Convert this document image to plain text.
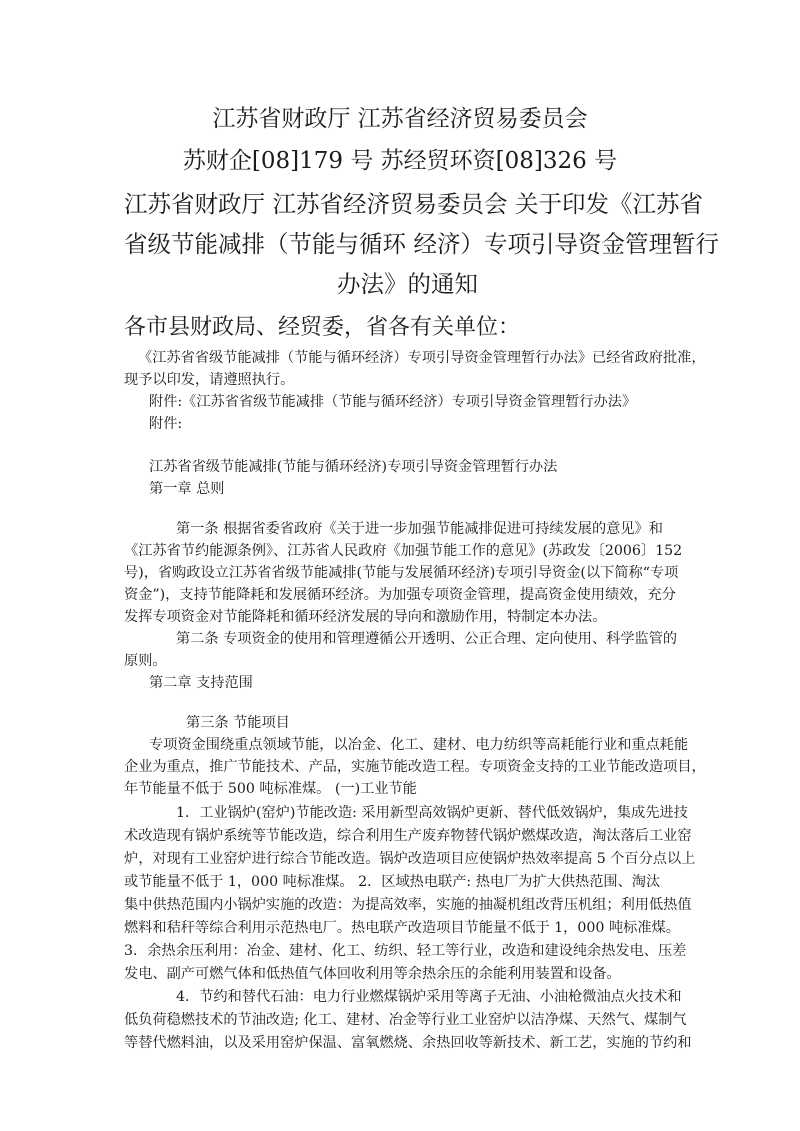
江苏省财政厅 江苏省经济贸易委员会

苏财企[08]179 号 苏经贸环资[08]326 号

江苏省财政厅 江苏省经济贸易委员会 关于印发《江苏省

省级节能减排（节能与循环 经济）专项引导资金管理暂行

办法》的通知

各市县财政局、经贸委，省各有关单位：

《江苏省省级节能减排（节能与循环经济）专项引导资金管理暂行办法》已经省政府批准，

现予以印发，请遵照执行。

附件:《江苏省省级节能减排（节能与循环经济）专项引导资金管理暂行办法》

附件:

江苏省省级节能减排(节能与循环经济)专项引导资金管理暂行办法

第一章 总则

第一条 根据省委省政府《关于进一步加强节能减排促进可持续发展的意见》和

《江苏省节约能源条例》、江苏省人民政府《加强节能工作的意见》(苏政发〔2006〕152

号)，省购政设立江苏省省级节能减排(节能与发展循环经济)专项引导资金(以下简称“专项

资金”)，支持节能降耗和发展循环经济。为加强专项资金管理，提高资金使用绩效，充分

发挥专项资金对节能降耗和循环经济发展的导向和激励作用，特制定本办法。

第二条 专项资金的使用和管理遵循公开透明、公正合理、定向使用、科学监管的

原则。

第二章 支持范围

第三条 节能项目

专项资金围绕重点领域节能，以冶金、化工、建材、电力纺织等高耗能行业和重点耗能

企业为重点，推广节能技术、产品，实施节能改造工程。专项资金支持的工业节能改造项目，

年节能量不低于 500 吨标准煤。 (一)工业节能

1．工业锅炉(窑炉)节能改造: 采用新型高效锅炉更新、替代低效锅炉，集成先进技

术改造现有锅炉系统等节能改造，综合利用生产废弃物替代锅炉燃煤改造，淘汰落后工业窑

炉，对现有工业窑炉进行综合节能改造。锅炉改造项目应使锅炉热效率提高 5 个百分点以上

或节能量不低于 1，000 吨标准煤。 2．区域热电联产: 热电厂为扩大供热范围、淘汰

集中供热范围内小锅炉实施的改造：为提高效率，实施的抽凝机组改背压机组；利用低热值

燃料和秸秆等综合利用示范热电厂。热电联产改造项目节能量不低于 1，000 吨标准煤。

3．余热余压利用：冶金、建材、化工、纺织、轻工等行业，改造和建设纯余热发电、压差

发电、副产可燃气体和低热值气体回收利用等余热余压的余能利用装置和设备。

4．节约和替代石油：电力行业燃煤锅炉采用等离子无油、小油枪微油点火技术和

低负荷稳燃技术的节油改造; 化工、建材、冶金等行业工业窑炉以洁净煤、天然气、煤制气

等替代燃料油，以及采用窑炉保温、富氧燃烧、余热回收等新技术、新工艺，实施的节约和
